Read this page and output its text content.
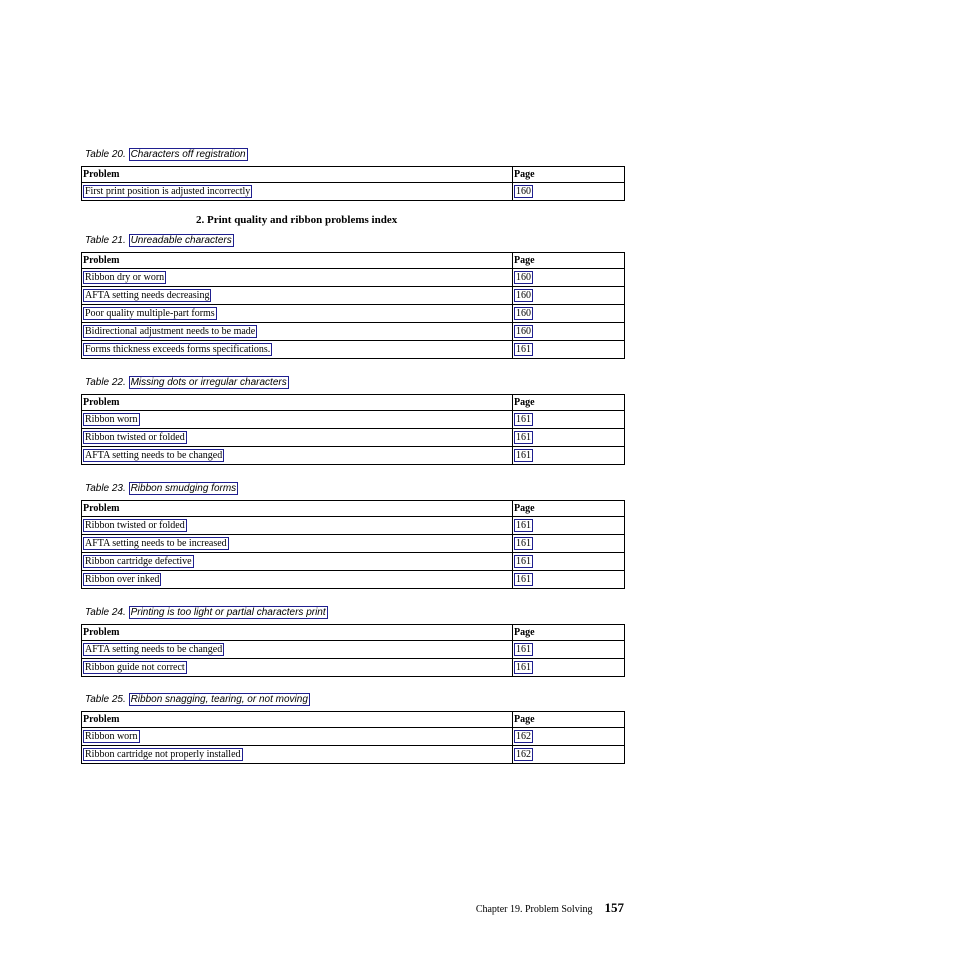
Table 20. Characters off registration
Problem	Page
First print position is adjusted incorrectly	160
2. Print quality and ribbon problems index
Table 21. Unreadable characters
Problem	Page
Ribbon dry or worn	160
AFTA setting needs decreasing	160
Poor quality multiple-part forms	160
Bidirectional adjustment needs to be made	160
Forms thickness exceeds forms specifications.	161
Table 22. Missing dots or irregular characters
Problem	Page
Ribbon worn	161
Ribbon twisted or folded	161
AFTA setting needs to be changed	161
Table 23. Ribbon smudging forms
Problem	Page
Ribbon twisted or folded	161
AFTA setting needs to be increased	161
Ribbon cartridge defective	161
Ribbon over inked	161
Table 24. Printing is too light or partial characters print
Problem	Page
AFTA setting needs to be changed	161
Ribbon guide not correct	161
Table 25. Ribbon snagging, tearing, or not moving
Problem	Page
Ribbon worn	162
Ribbon cartridge not properly installed	162
Chapter 19. Problem Solving 157
